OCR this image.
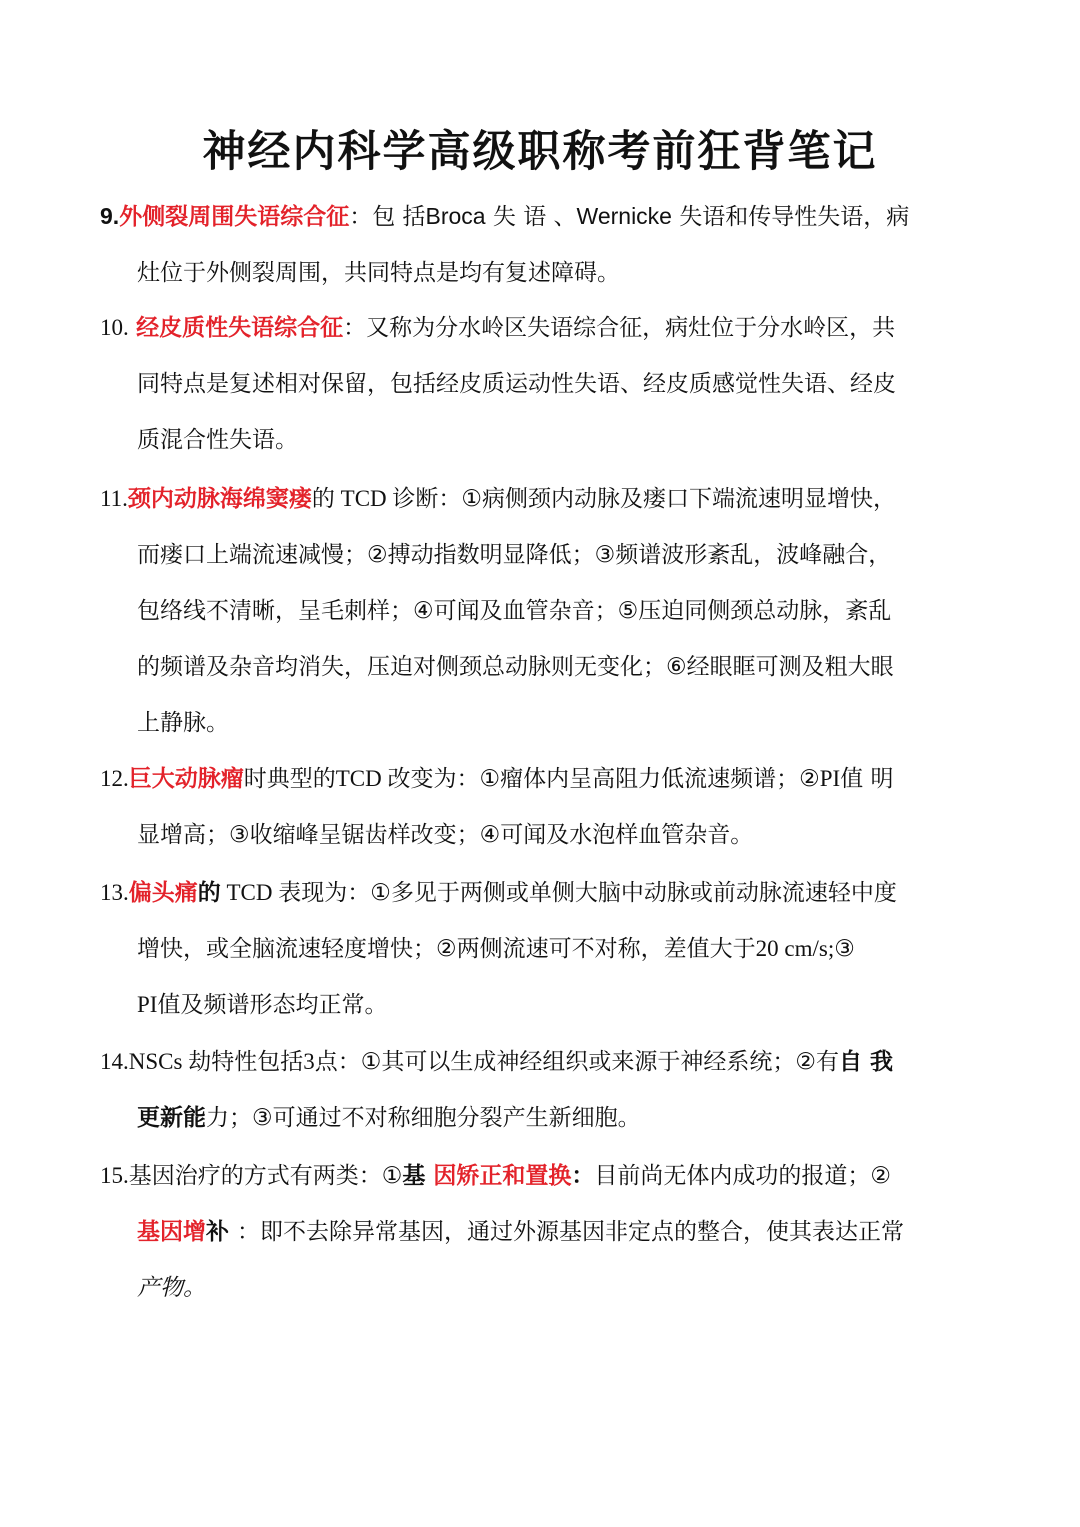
神经内科学高级职称考前狂背笔记
9.外侧裂周围失语综合征：包 括Broca 失 语 、Wernicke 失语和传导性失语，病
灶位于外侧裂周围，共同特点是均有复述障碍。
10. 经皮质性失语综合征：又称为分水岭区失语综合征，病灶位于分水岭区，共
同特点是复述相对保留，包括经皮质运动性失语、经皮质感觉性失语、经皮
质混合性失语。
11.颈内动脉海绵窦瘘的 TCD 诊断：①病侧颈内动脉及瘘口下端流速明显增快，
而瘘口上端流速减慢；②搏动指数明显降低；③频谱波形紊乱，波峰融合，
包络线不清晰，呈毛刺样；④可闻及血管杂音；⑤压迫同侧颈总动脉，紊乱
的频谱及杂音均消失，压迫对侧颈总动脉则无变化；⑥经眼眶可测及粗大眼
上静脉。
12.巨大动脉瘤时典型的TCD 改变为：①瘤体内呈高阻力低流速频谱；②PI值 明
显增高；③收缩峰呈锯齿样改变；④可闻及水泡样血管杂音。
13.偏头痛的 TCD 表现为：①多见于两侧或单侧大脑中动脉或前动脉流速轻中度
增快，或全脑流速轻度增快；②两侧流速可不对称，差值大于20 cm/s;③
PI值及频谱形态均正常。
14.NSCs 劫特性包括3点：①其可以生成神经组织或来源于神经系统；②有自 我
更新能力；③可通过不对称细胞分裂产生新细胞。
15.基因治疗的方式有两类：①基 因矫正和置换：目前尚无体内成功的报道；②
基因增补 ：即不去除异常基因，通过外源基因非定点的整合，使其表达正常
产物。
